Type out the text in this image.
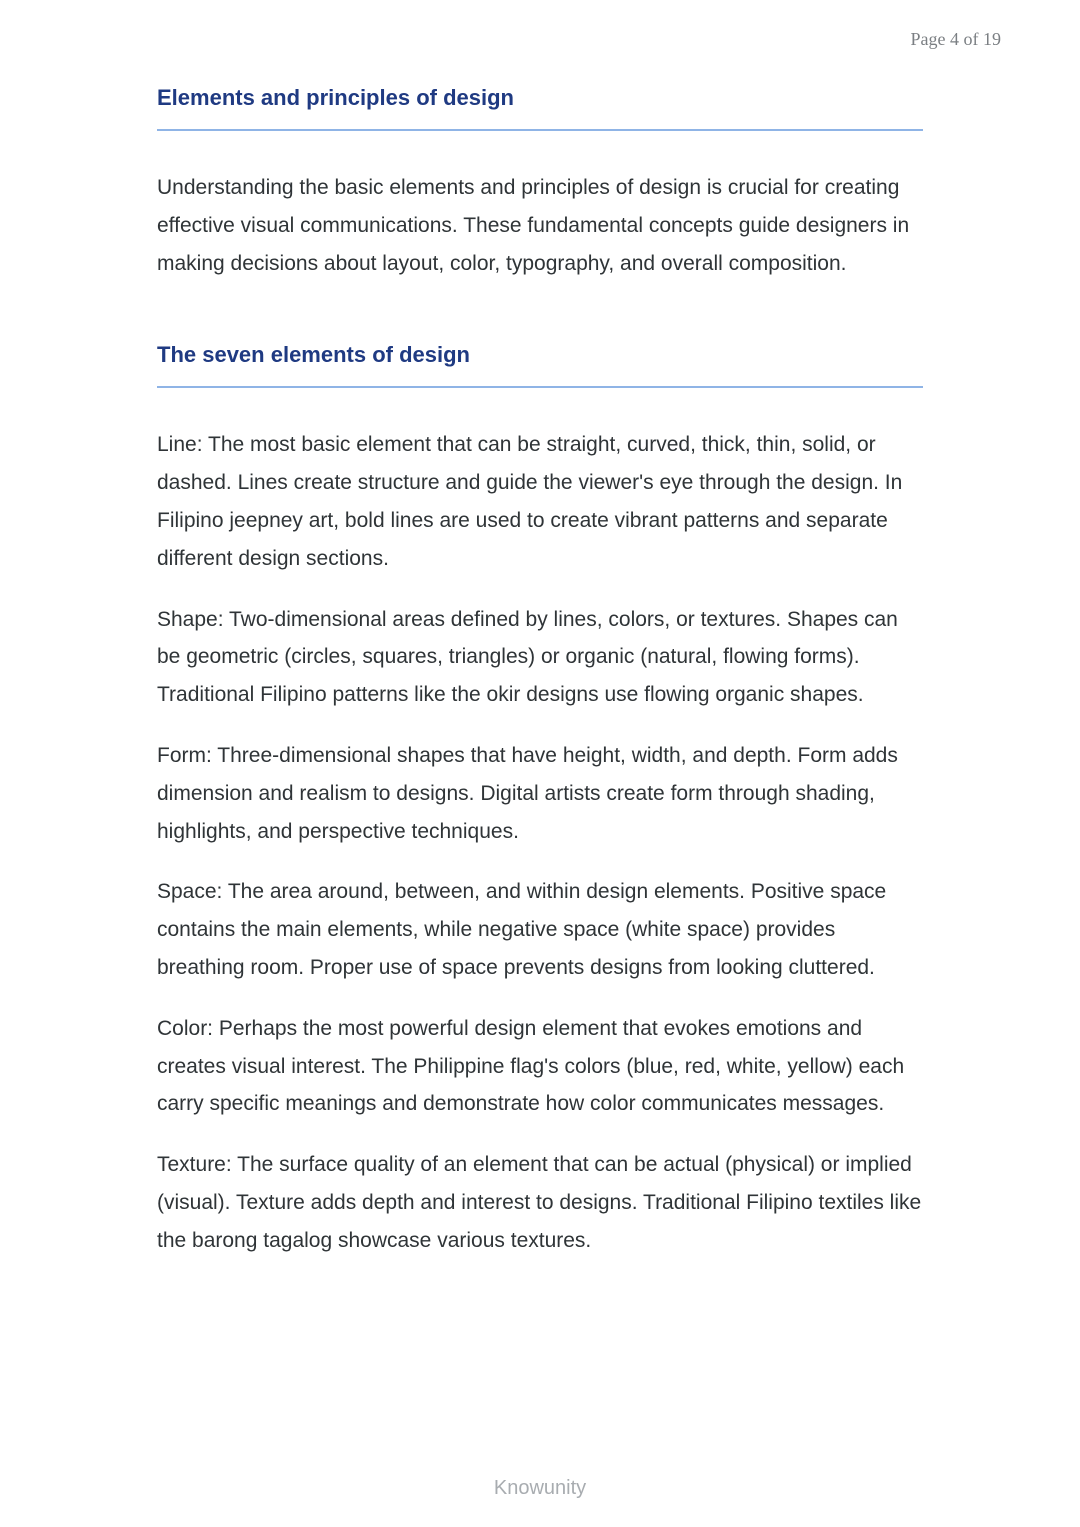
Page 4 of 19
Elements and principles of design

Understanding the basic elements and principles of design is crucial for creating effective visual communications. These fundamental concepts guide designers in making decisions about layout, color, typography, and overall composition.

The seven elements of design

Line: The most basic element that can be straight, curved, thick, thin, solid, or dashed. Lines create structure and guide the viewer's eye through the design. In Filipino jeepney art, bold lines are used to create vibrant patterns and separate different design sections.

Shape: Two-dimensional areas defined by lines, colors, or textures. Shapes can be geometric (circles, squares, triangles) or organic (natural, flowing forms). Traditional Filipino patterns like the okir designs use flowing organic shapes.

Form: Three-dimensional shapes that have height, width, and depth. Form adds dimension and realism to designs. Digital artists create form through shading, highlights, and perspective techniques.

Space: The area around, between, and within design elements. Positive space contains the main elements, while negative space (white space) provides breathing room. Proper use of space prevents designs from looking cluttered.

Color: Perhaps the most powerful design element that evokes emotions and creates visual interest. The Philippine flag's colors (blue, red, white, yellow) each carry specific meanings and demonstrate how color communicates messages.

Texture: The surface quality of an element that can be actual (physical) or implied (visual). Texture adds depth and interest to designs. Traditional Filipino textiles like the barong tagalog showcase various textures.

Knowunity
